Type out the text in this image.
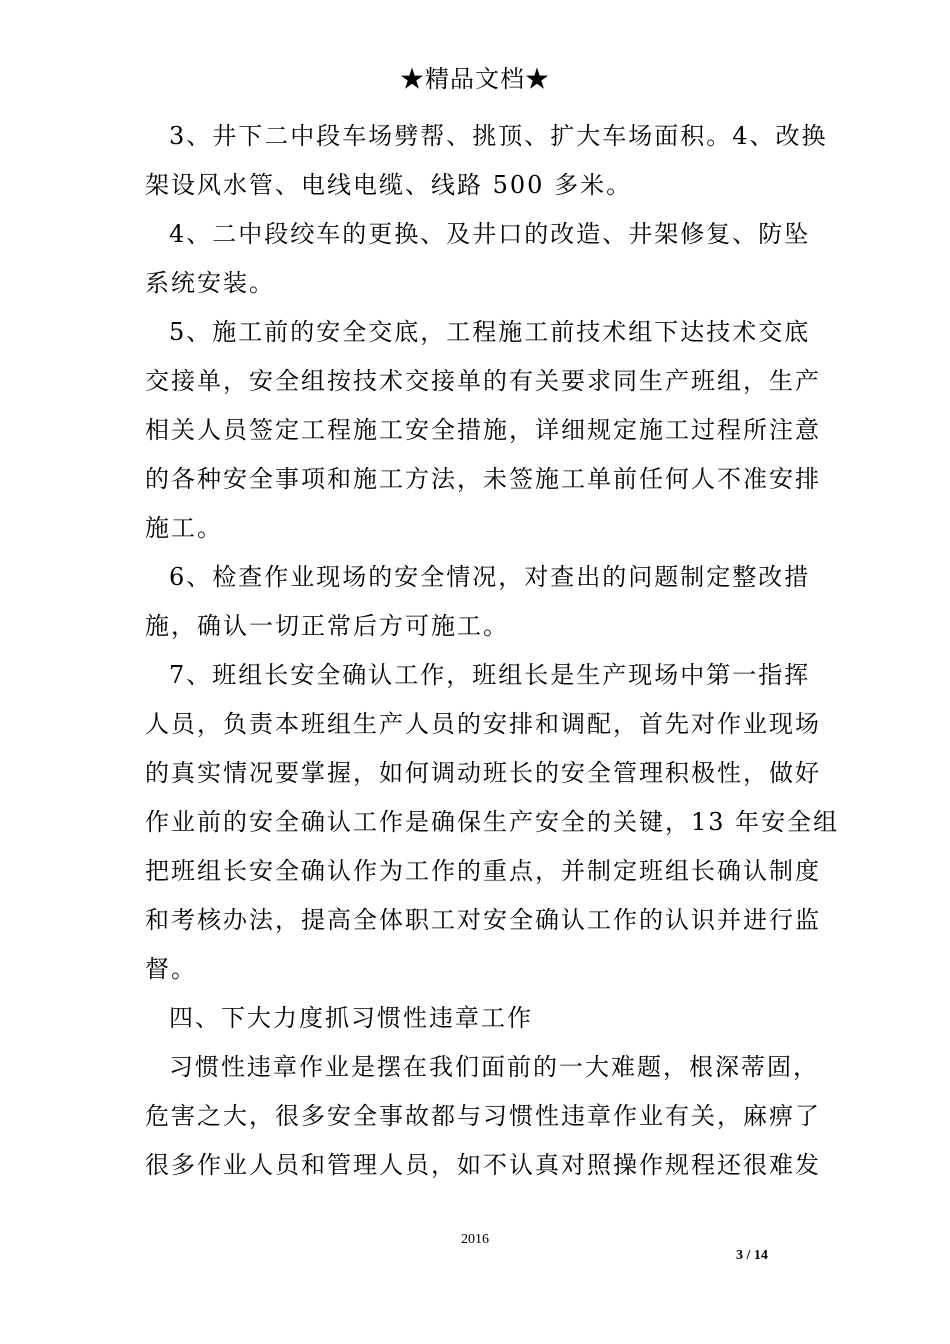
★精品文档★
3、井下二中段车场劈帮、挑顶、扩大车场面积。4、改换
架设风水管、电线电缆、线路 500 多米。
4、二中段绞车的更换、及井口的改造、井架修复、防坠
系统安装。
5、施工前的安全交底，工程施工前技术组下达技术交底
交接单，安全组按技术交接单的有关要求同生产班组，生产
相关人员签定工程施工安全措施，详细规定施工过程所注意
的各种安全事项和施工方法，未签施工单前任何人不准安排
施工。
6、检查作业现场的安全情况，对查出的问题制定整改措
施，确认一切正常后方可施工。
7、班组长安全确认工作，班组长是生产现场中第一指挥
人员，负责本班组生产人员的安排和调配，首先对作业现场
的真实情况要掌握，如何调动班长的安全管理积极性，做好
作业前的安全确认工作是确保生产安全的关键，13 年安全组
把班组长安全确认作为工作的重点，并制定班组长确认制度
和考核办法，提高全体职工对安全确认工作的认识并进行监
督。
四、下大力度抓习惯性违章工作
习惯性违章作业是摆在我们面前的一大难题，根深蒂固，
危害之大，很多安全事故都与习惯性违章作业有关，麻痹了
很多作业人员和管理人员，如不认真对照操作规程还很难发
2016
3 / 14
